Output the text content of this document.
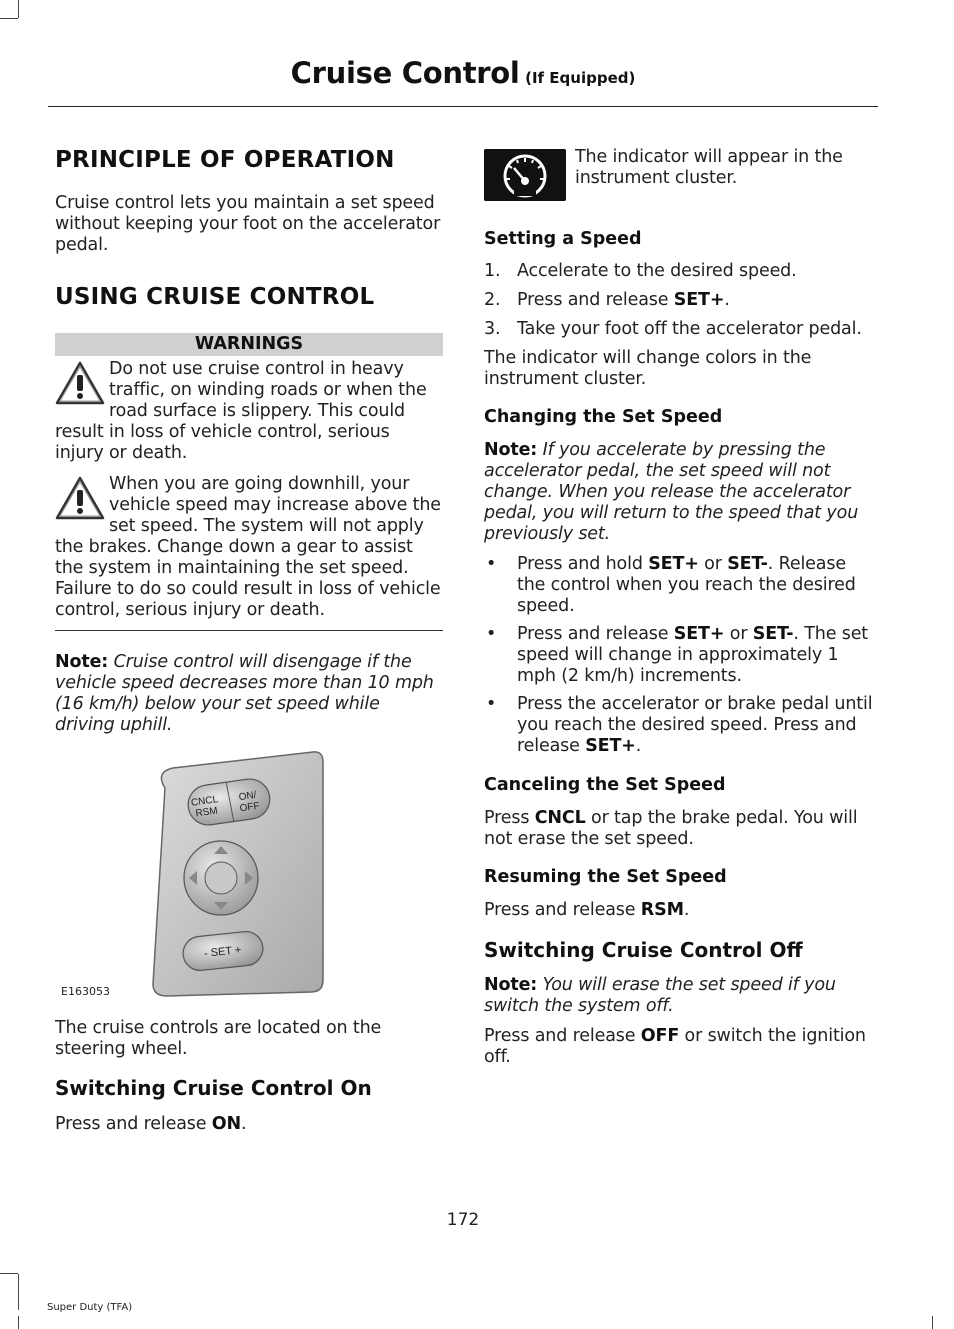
Cruise Control (If Equipped)
PRINCIPLE OF OPERATION

Cruise control lets you maintain a set speed without keeping your foot on the accelerator pedal.

USING CRUISE CONTROL
WARNINGS

Do not use cruise control in heavy traffic, on winding roads or when the road surface is slippery. This could result in loss of vehicle control, serious injury or death.

When you are going downhill, your vehicle speed may increase above the set speed. The system will not apply the brakes. Change down a gear to assist the system in maintaining the set speed. Failure to do so could result in loss of vehicle control, serious injury or death.

Note: Cruise control will disengage if the vehicle speed decreases more than 10 mph (16 km/h) below your set speed while driving uphill.

CNCL
RSM
ON/
OFF
- SET +
E163053

The cruise controls are located on the steering wheel.

Switching Cruise Control On

Press and release ON.

The indicator will appear in the instrument cluster.

Setting a Speed
1. Accelerate to the desired speed.
2. Press and release SET+.
3. Take your foot off the accelerator pedal.

The indicator will change colors in the instrument cluster.

Changing the Set Speed

Note: If you accelerate by pressing the accelerator pedal, the set speed will not change. When you release the accelerator pedal, you will return to the speed that you previously set.

• Press and hold SET+ or SET-. Release the control when you reach the desired speed.
• Press and release SET+ or SET-. The set speed will change in approximately 1 mph (2 km/h) increments.
• Press the accelerator or brake pedal until you reach the desired speed. Press and release SET+.
Canceling the Set Speed

Press CNCL or tap the brake pedal. You will not erase the set speed.

Resuming the Set Speed

Press and release RSM.

Switching Cruise Control Off

Note: You will erase the set speed if you switch the system off.

Press and release OFF or switch the ignition off.

172
Super Duty (TFA)
